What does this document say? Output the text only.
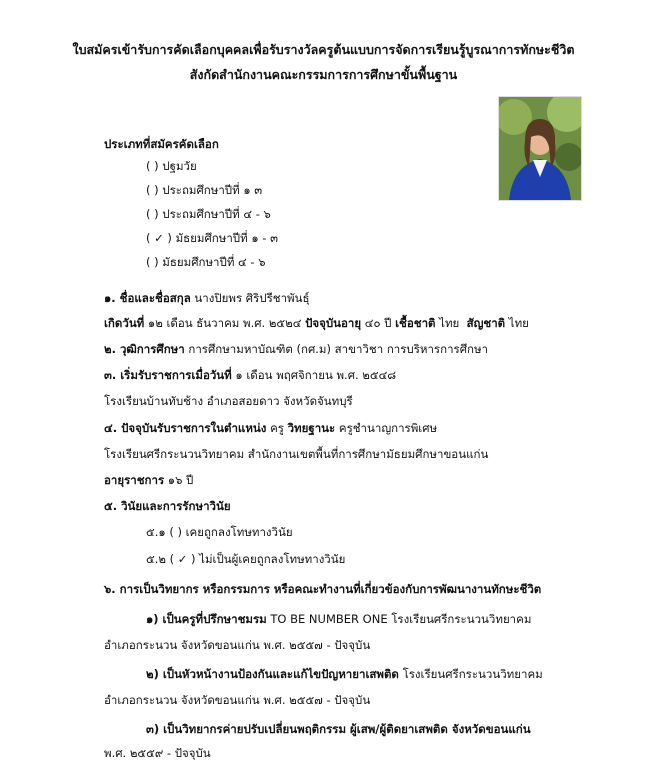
ใบสมัครเข้ารับการคัดเลือกบุคคลเพื่อรับรางวัลครูต้นแบบการจัดการเรียนรู้บูรณาการทักษะชีวิต
สังกัดสำนักงานคณะกรรมการการศึกษาขั้นพื้นฐาน
ประเภทที่สมัครคัดเลือก
( ) ปฐมวัย
( ) ประถมศึกษาปีที่ ๑ ๓
( ) ประถมศึกษาปีที่ ๔ - ๖
( ✓ ) มัธยมศึกษาปีที่ ๑ - ๓
( ) มัธยมศึกษาปีที่ ๔ - ๖
๑. ชื่อและชื่อสกุล นางปิยพร ศิริปรีชาพันธุ์
เกิดวันที่ ๑๒ เดือน ธันวาคม พ.ศ. ๒๕๒๔ ปัจจุบันอายุ ๔๐ ปี เชื้อชาติ ไทย สัญชาติ ไทย
๒. วุฒิการศึกษา การศึกษามหาบัณฑิต (กศ.ม) สาขาวิชา การบริหารการศึกษา
๓. เริ่มรับราชการเมื่อวันที่ ๑ เดือน พฤศจิกายน พ.ศ. ๒๕๔๘
โรงเรียนบ้านทับช้าง อำเภอสอยดาว จังหวัดจันทบุรี
๔. ปัจจุบันรับราชการในตำแหน่ง ครู วิทยฐานะ ครูชำนาญการพิเศษ
โรงเรียนศรีกระนวนวิทยาคม สำนักงานเขตพื้นที่การศึกษามัธยมศึกษาขอนแก่น
อายุราชการ ๑๖ ปี
๕. วินัยและการรักษาวินัย
๕.๑ ( ) เคยถูกลงโทษทางวินัย
๕.๒ ( ✓ ) ไม่เป็นผู้เคยถูกลงโทษทางวินัย
๖. การเป็นวิทยากร หรือกรรมการ หรือคณะทำงานที่เกี่ยวข้องกับการพัฒนางานทักษะชีวิต
๑) เป็นครูที่ปรึกษาชมรม TO BE NUMBER ONE โรงเรียนศรีกระนวนวิทยาคม
อำเภอกระนวน จังหวัดขอนแก่น พ.ศ. ๒๕๕๗ - ปัจจุบัน
๒) เป็นหัวหน้างานป้องกันและแก้ไขปัญหายาเสพติด โรงเรียนศรีกระนวนวิทยาคม
อำเภอกระนวน จังหวัดขอนแก่น พ.ศ. ๒๕๕๗ - ปัจจุบัน
๓) เป็นวิทยากรค่ายปรับเปลี่ยนพฤติกรรม ผู้เสพ/ผู้ติดยาเสพติด จังหวัดขอนแก่น
พ.ศ. ๒๕๕๙ - ปัจจุบัน
